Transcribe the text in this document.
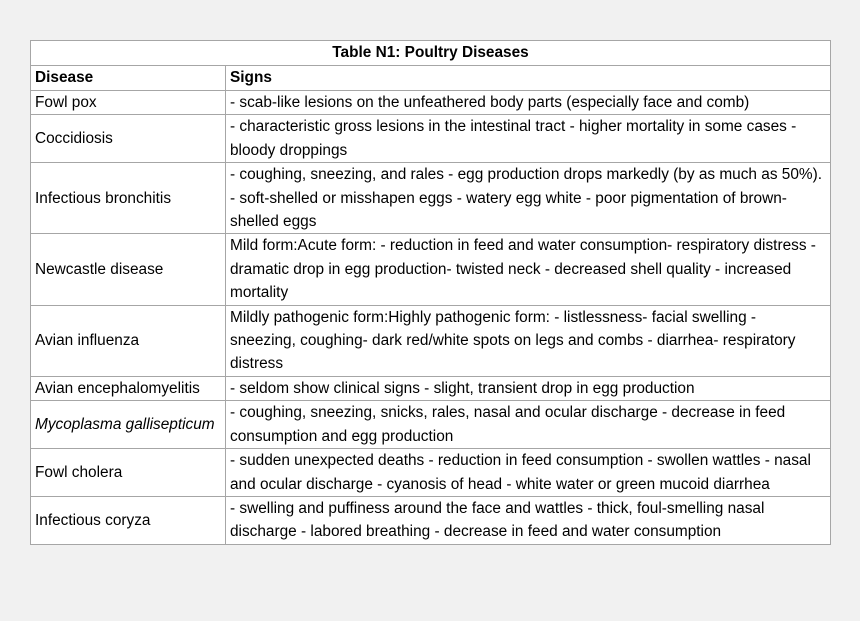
Table N1: Poultry Diseases	
Disease	Signs
Fowl pox	- scab-like lesions on the unfeathered body parts (especially face and comb)
Coccidiosis	- characteristic gross lesions in the intestinal tract - higher mortality in some cases - bloody droppings
Infectious bronchitis	- coughing, sneezing, and rales - egg production drops markedly (by as much as 50%). - soft-shelled or misshapen eggs - watery egg white - poor pigmentation of brown-shelled eggs
Newcastle disease	Mild form:Acute form: - reduction in feed and water consumption- respiratory distress - dramatic drop in egg production- twisted neck - decreased shell quality - increased mortality
Avian influenza	Mildly pathogenic form:Highly pathogenic form: - listlessness- facial swelling - sneezing, coughing- dark red/white spots on legs and combs - diarrhea- respiratory distress
Avian encephalomyelitis	- seldom show clinical signs - slight, transient drop in egg production
Mycoplasma gallisepticum	- coughing, sneezing, snicks, rales, nasal and ocular discharge - decrease in feed consumption and egg production
Fowl cholera	- sudden unexpected deaths - reduction in feed consumption - swollen wattles - nasal and ocular discharge - cyanosis of head - white water or green mucoid diarrhea
Infectious coryza	- swelling and puffiness around the face and wattles - thick, foul-smelling nasal discharge - labored breathing - decrease in feed and water consumption
